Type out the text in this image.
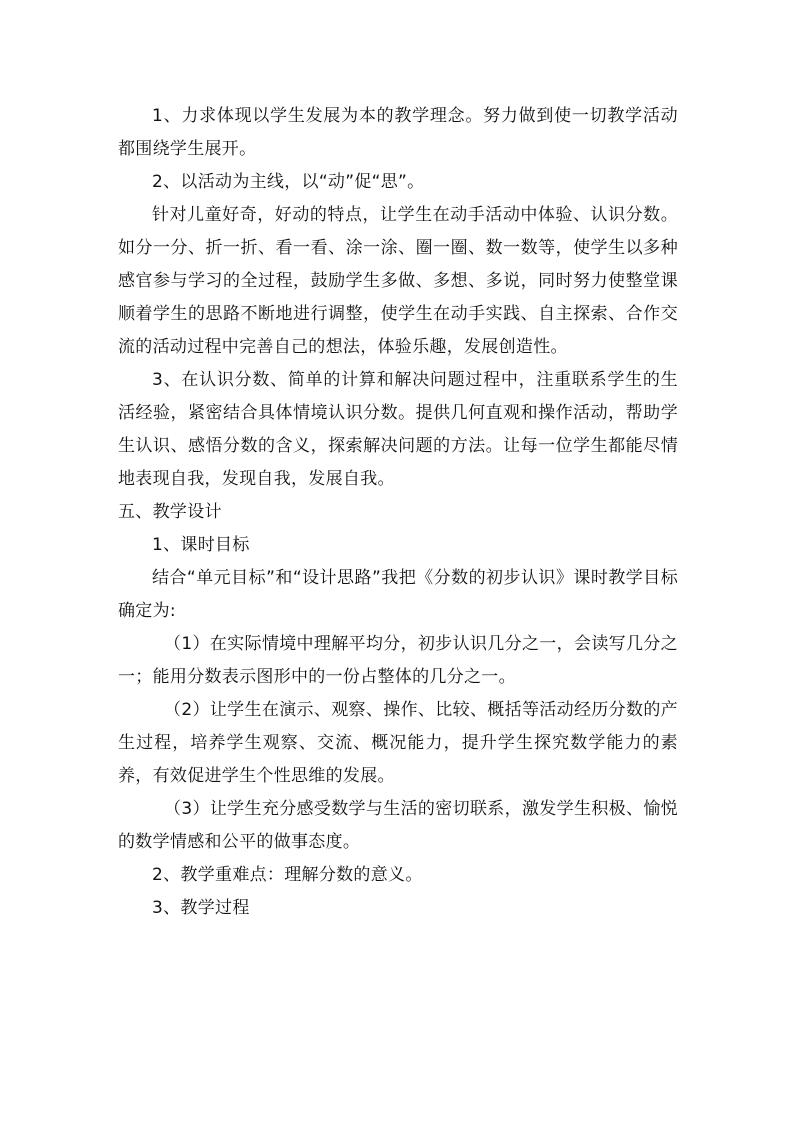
1、力求体现以学生发展为本的教学理念。努力做到使一切教学活动都围绕学生展开。

2、以活动为主线，以“动”促“思”。

针对儿童好奇，好动的特点，让学生在动手活动中体验、认识分数。如分一分、折一折、看一看、涂一涂、圈一圈、数一数等，使学生以多种感官参与学习的全过程，鼓励学生多做、多想、多说，同时努力使整堂课顺着学生的思路不断地进行调整，使学生在动手实践、自主探索、合作交流的活动过程中完善自己的想法，体验乐趣，发展创造性。

3、在认识分数、简单的计算和解决问题过程中，注重联系学生的生活经验，紧密结合具体情境认识分数。提供几何直观和操作活动，帮助学生认识、感悟分数的含义，探索解决问题的方法。让每一位学生都能尽情地表现自我，发现自我，发展自我。

五、教学设计

1、课时目标

结合“单元目标”和“设计思路”我把《分数的初步认识》课时教学目标确定为:

（1）在实际情境中理解平均分，初步认识几分之一，会读写几分之一；能用分数表示图形中的一份占整体的几分之一。

（2）让学生在演示、观察、操作、比较、概括等活动经历分数的产生过程，培养学生观察、交流、概况能力，提升学生探究数学能力的素养，有效促进学生个性思维的发展。

（3）让学生充分感受数学与生活的密切联系，激发学生积极、愉悦的数学情感和公平的做事态度。

2、教学重难点：理解分数的意义。

3、教学过程
